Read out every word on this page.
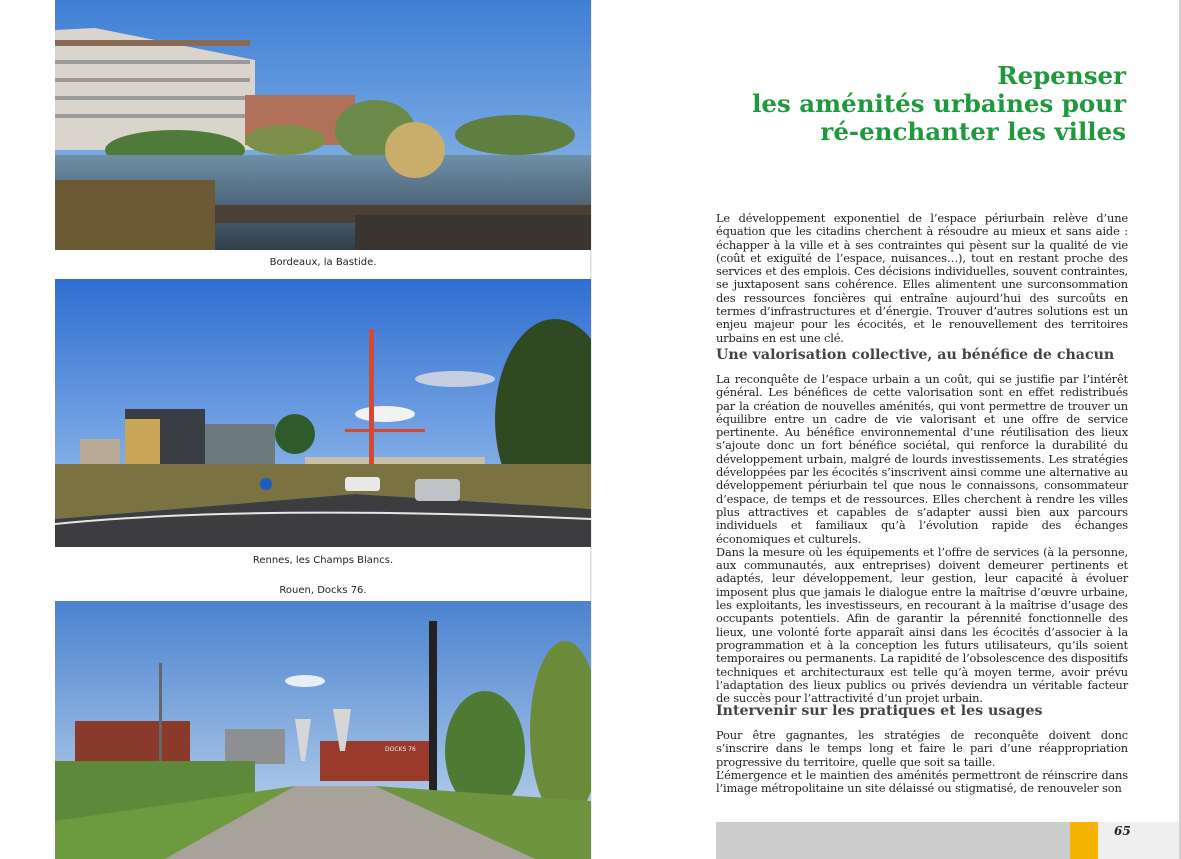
Bordeaux, la Bastide.
Rennes, les Champs Blancs.
Rouen, Docks 76.
DOCKS 76
Repenser
les aménités urbaines pour
ré-enchanter les villes

Le développement exponentiel de l’espace périurbain relève d’une équation que les citadins cherchent à résoudre au mieux et sans aide : échapper à la ville et à ses contraintes qui pèsent sur la qualité de vie (coût et exiguïté de l’espace, nuisances…), tout en restant proche des services et des emplois. Ces décisions individuelles, souvent contraintes, se juxtaposent sans cohérence. Elles alimentent une surconsommation des ressources foncières qui entraîne aujourd’hui des surcoûts en termes d’infrastructures et d’énergie. Trouver d’autres solutions est un enjeu majeur pour les écocités, et le renouvellement des territoires urbains en est une clé.

Une valorisation collective, au bénéfice de chacun

La reconquête de l’espace urbain a un coût, qui se justifie par l’intérêt général. Les bénéfices de cette valorisation sont en effet redistribués par la création de nouvelles aménités, qui vont permettre de trouver un équilibre entre un cadre de vie valorisant et une offre de service pertinente. Au bénéfice environnemental d’une réutilisation des lieux s’ajoute donc un fort bénéfice sociétal, qui renforce la durabilité du développement urbain, malgré de lourds investissements. Les stratégies développées par les écocités s’inscrivent ainsi comme une alternative au développement périurbain tel que nous le connaissons, consommateur d’espace, de temps et de ressources. Elles cherchent à rendre les villes plus attractives et capables de s’adapter aussi bien aux parcours individuels et familiaux qu’à l’évolution rapide des échanges économiques et culturels.

Dans la mesure où les équipements et l’offre de services (à la personne, aux communautés, aux entreprises) doivent demeurer pertinents et adaptés, leur développement, leur gestion, leur capacité à évoluer imposent plus que jamais le dialogue entre la maîtrise d’œuvre urbaine, les exploitants, les investisseurs, en recourant à la maîtrise d’usage des occupants potentiels. Afin de garantir la pérennité fonctionnelle des lieux, une volonté forte apparaît ainsi dans les écocités d’associer à la programmation et à la conception les futurs utilisateurs, qu’ils soient temporaires ou permanents. La rapidité de l’obsolescence des dispositifs techniques et architecturaux est telle qu’à moyen terme, avoir prévu l’adaptation des lieux publics ou privés deviendra un véritable facteur de succès pour l’attractivité d’un projet urbain.

Intervenir sur les pratiques et les usages

Pour être gagnantes, les stratégies de reconquête doivent donc s’inscrire dans le temps long et faire le pari d’une réappropriation progressive du territoire, quelle que soit sa taille.

L’émergence et le maintien des aménités permettront de réinscrire dans l’image métropolitaine un site délaissé ou stigmatisé, de renouveler son

65
